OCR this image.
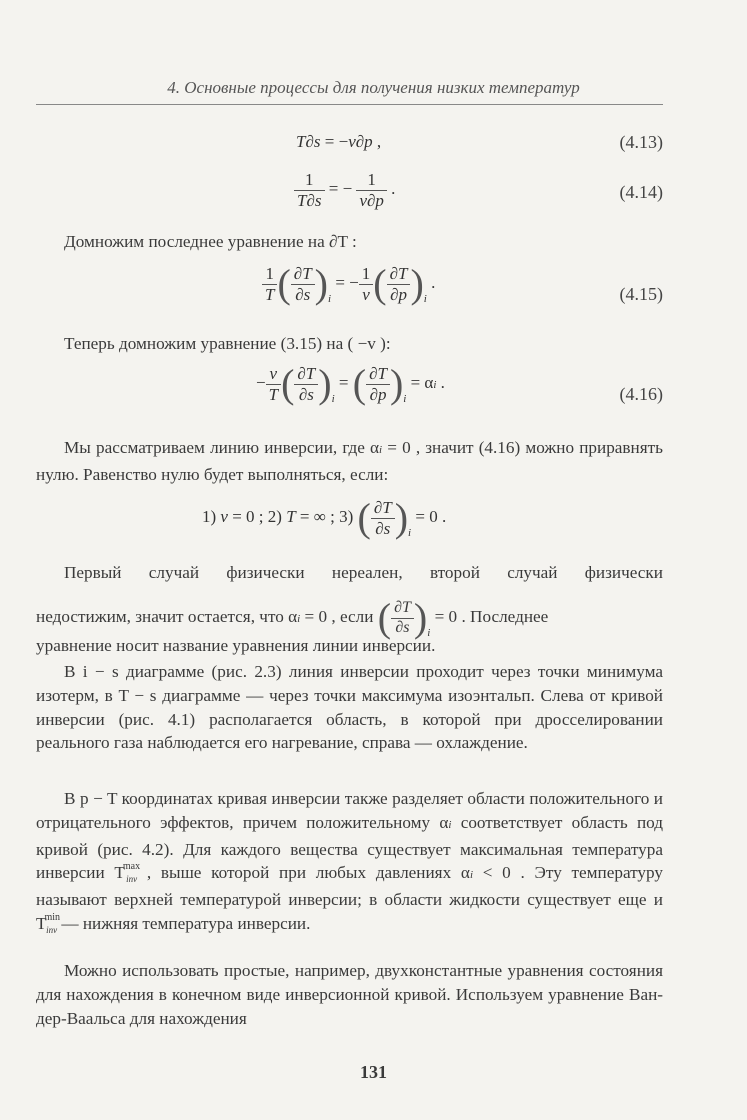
4. Основные процессы для получения низких температур
T∂s = −v∂p ,	(4.13)
$\frac{1}{T\partial s}$ = − $\frac{1}{v\partial p}$ .	(4.14)
Домножим последнее уравнение на ∂T :
$\frac{1}{T}$ ( $\frac{\partial T}{\partial s} )_i$ = − $\frac{1}{v}$ ( $\frac{\partial T}{\partial p} )_i$ .
(4.15)
Теперь домножим уравнение (3.15) на ( −v ):
− $\frac{v}{T}$ ( $\frac{\partial T}{\partial s} )_i$ = ( $\frac{\partial T}{\partial p} )_i = \alpha i$ .
(4.16)
Мы рассматриваем линию инверсии, где αi = 0 , значит (4.16) можно приравнять нулю. Равенство нулю будет выполняться, если:
1) v = 0 ; 2) T = ∞ ; 3) ( $\frac{\partial T}{\partial s} )_i = 0$ .
Первый случай физически нереален, второй случай физически
недостижим, значит остается, что αi = 0 , если ( $\frac{\partial T}{\partial s} )_i = 0$ . Последнее
уравнение носит название уравнения линии инверсии.
В i − s диаграмме (рис. 2.3) линия инверсии проходит через точки минимума изотерм, в T − s диаграмме — через точки максимума изоэнтальп. Слева от кривой инверсии (рис. 4.1) располагается область, в которой при дросселировании реального газа наблюдается его нагревание, справа — охлаждение.
В p − T координатах кривая инверсии также разделяет области положительного и отрицательного эффектов, причем положительному αi соответствует область под кривой (рис. 4.2). Для каждого вещества существует максимальная температура инверсии $T^{max}_{inv}$ , выше которой при любых давлениях αi < 0 . Эту температуру называют верхней температурой инверсии; в области жидкости существует еще и $T^{min}_{inv}$ — нижняя температура инверсии.
Можно использовать простые, например, двухконстантные уравнения состояния для нахождения в конечном виде инверсионной кривой. Используем уравнение Ван-дер-Ваальса для нахождения
131
